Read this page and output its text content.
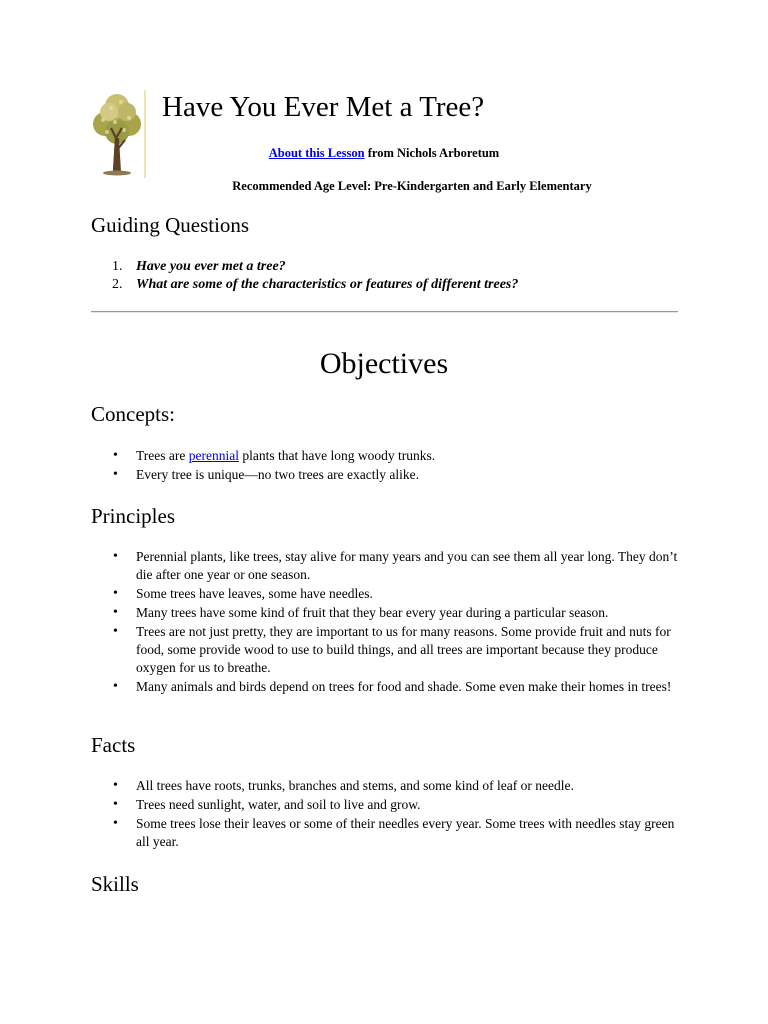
Have You Ever Met a Tree?
About this Lesson from Nichols Arboretum
Recommended Age Level: Pre-Kindergarten and Early Elementary
Guiding Questions
1. Have you ever met a tree?
2. What are some of the characteristics or features of different trees?
Objectives
Concepts:
• Trees are perennial plants that have long woody trunks.
• Every tree is unique—no two trees are exactly alike.
Principles
• Perennial plants, like trees, stay alive for many years and you can see them all year long. They don’t die after one year or one season.
• Some trees have leaves, some have needles.
• Many trees have some kind of fruit that they bear every year during a particular season.
• Trees are not just pretty, they are important to us for many reasons. Some provide fruit and nuts for food, some provide wood to use to build things, and all trees are important because they produce oxygen for us to breathe.
• Many animals and birds depend on trees for food and shade. Some even make their homes in trees!
Facts
• All trees have roots, trunks, branches and stems, and some kind of leaf or needle.
• Trees need sunlight, water, and soil to live and grow.
• Some trees lose their leaves or some of their needles every year. Some trees with needles stay green all year.
Skills
